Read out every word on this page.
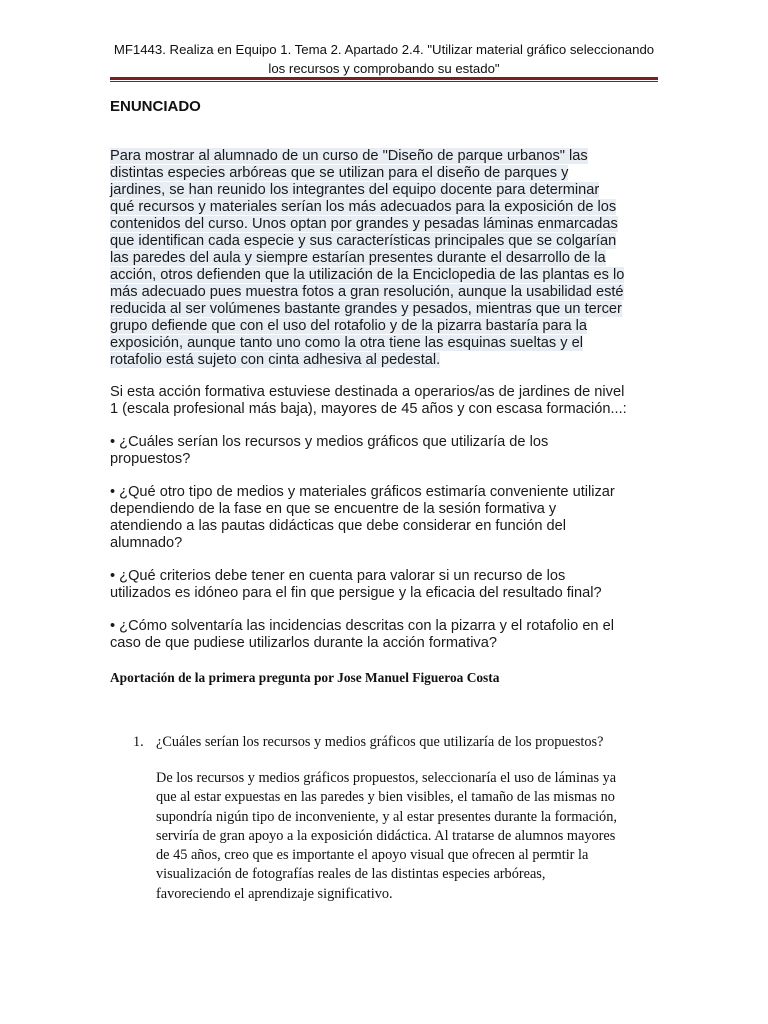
MF1443. Realiza en Equipo 1. Tema 2. Apartado 2.4. "Utilizar material gráfico seleccionando
los recursos y comprobando su estado"
ENUNCIADO

Para mostrar al alumnado de un curso de "Diseño de parque urbanos" las
distintas especies arbóreas que se utilizan para el diseño de parques y
jardines, se han reunido los integrantes del equipo docente para determinar
qué recursos y materiales serían los más adecuados para la exposición de los
contenidos del curso. Unos optan por grandes y pesadas láminas enmarcadas
que identifican cada especie y sus características principales que se colgarían
las paredes del aula y siempre estarían presentes durante el desarrollo de la
acción, otros defienden que la utilización de la Enciclopedia de las plantas es lo
más adecuado pues muestra fotos a gran resolución, aunque la usabilidad esté
reducida al ser volúmenes bastante grandes y pesados, mientras que un tercer
grupo defiende que con el uso del rotafolio y de la pizarra bastaría para la
exposición, aunque tanto uno como la otra tiene las esquinas sueltas y el
rotafolio está sujeto con cinta adhesiva al pedestal.

Si esta acción formativa estuviese destinada a operarios/as de jardines de nivel
1 (escala profesional más baja), mayores de 45 años y con escasa formación...:

• ¿Cuáles serían los recursos y medios gráficos que utilizaría de los
propuestos?

• ¿Qué otro tipo de medios y materiales gráficos estimaría conveniente utilizar
dependiendo de la fase en que se encuentre de la sesión formativa y
atendiendo a las pautas didácticas que debe considerar en función del
alumnado?

• ¿Qué criterios debe tener en cuenta para valorar si un recurso de los
utilizados es idóneo para el fin que persigue y la eficacia del resultado final?

• ¿Cómo solventaría las incidencias descritas con la pizarra y el rotafolio en el
caso de que pudiese utilizarlos durante la acción formativa?

Aportación de la primera pregunta por Jose Manuel Figueroa Costa
1. ¿Cuáles serían los recursos y medios gráficos que utilizaría de los propuestos?
De los recursos y medios gráficos propuestos, seleccionaría el uso de láminas ya
que al estar expuestas en las paredes y bien visibles, el tamaño de las mismas no
supondría nigún tipo de inconveniente, y al estar presentes durante la formación,
serviría de gran apoyo a la exposición didáctica. Al tratarse de alumnos mayores
de 45 años, creo que es importante el apoyo visual que ofrecen al permtir la
visualización de fotografías reales de las distintas especies arbóreas,
favoreciendo el aprendizaje significativo.
